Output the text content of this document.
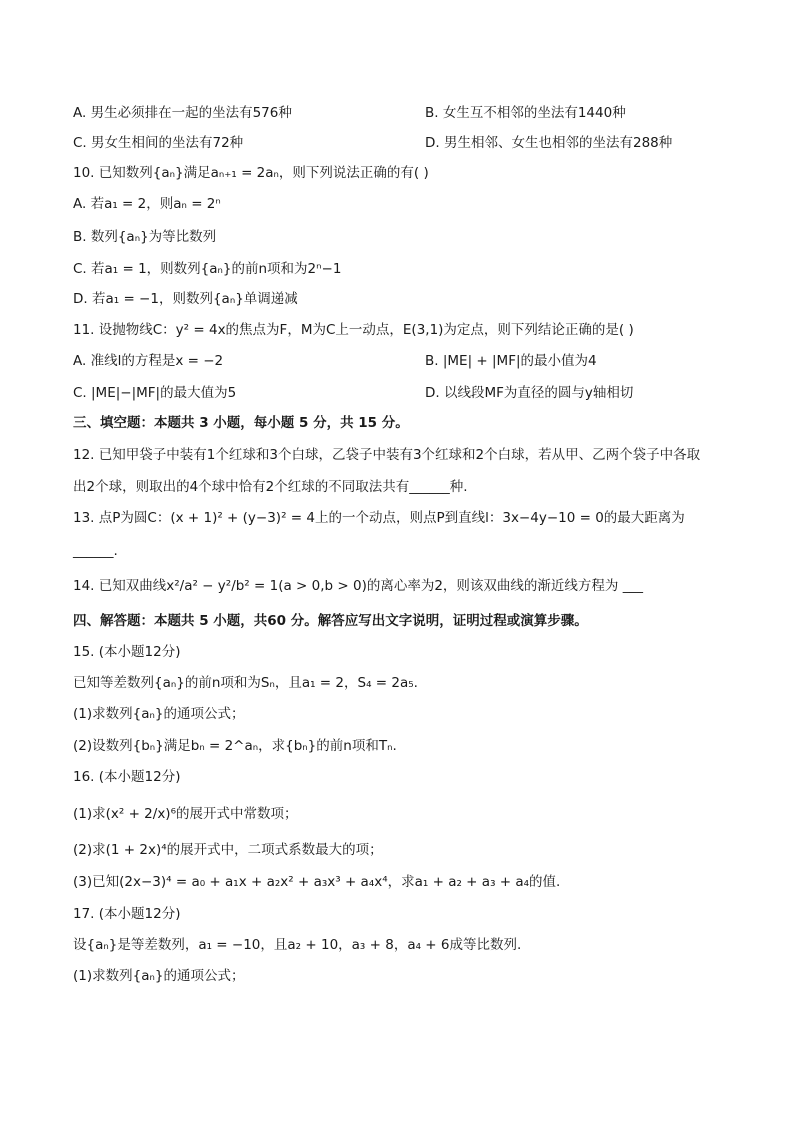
A. 男生必须排在一起的坐法有576种	B. 女生互不相邻的坐法有1440种
C. 男女生相间的坐法有72种	D. 男生相邻、女生也相邻的坐法有288种
10. 已知数列{aₙ}满足aₙ₊₁ = 2aₙ，则下列说法正确的有( )
A. 若a₁ = 2，则aₙ = 2ⁿ
B. 数列{aₙ}为等比数列
C. 若a₁ = 1，则数列{aₙ}的前n项和为2ⁿ−1
D. 若a₁ = −1，则数列{aₙ}单调递减
11. 设抛物线C：y² = 4x的焦点为F，M为C上一动点，E(3,1)为定点，则下列结论正确的是( )
A. 准线l的方程是x = −2	B. |ME| + |MF|的最小值为4
C. |ME|−|MF|的最大值为5	D. 以线段MF为直径的圆与y轴相切
三、填空题：本题共 3 小题，每小题 5 分，共 15 分。
12. 已知甲袋子中装有1个红球和3个白球，乙袋子中装有3个红球和2个白球，若从甲、乙两个袋子中各取
出2个球，则取出的4个球中恰有2个红球的不同取法共有______种.
13. 点P为圆C：(x + 1)² + (y−3)² = 4上的一个动点，则点P到直线l：3x−4y−10 = 0的最大距离为
______.
14. 已知双曲线x²/a² − y²/b² = 1(a > 0,b > 0)的离心率为2，则该双曲线的渐近线方程为 ___
四、解答题：本题共 5 小题，共60 分。解答应写出文字说明，证明过程或演算步骤。
15. (本小题12分)
已知等差数列{aₙ}的前n项和为Sₙ，且a₁ = 2，S₄ = 2a₅.
(1)求数列{aₙ}的通项公式；
(2)设数列{bₙ}满足bₙ = 2^aₙ，求{bₙ}的前n项和Tₙ.
16. (本小题12分)
(1)求(x² + 2/x)⁶的展开式中常数项；
(2)求(1 + 2x)⁴的展开式中，二项式系数最大的项；
(3)已知(2x−3)⁴ = a₀ + a₁x + a₂x² + a₃x³ + a₄x⁴，求a₁ + a₂ + a₃ + a₄的值.
17. (本小题12分)
设{aₙ}是等差数列，a₁ = −10，且a₂ + 10，a₃ + 8，a₄ + 6成等比数列.
(1)求数列{aₙ}的通项公式；
